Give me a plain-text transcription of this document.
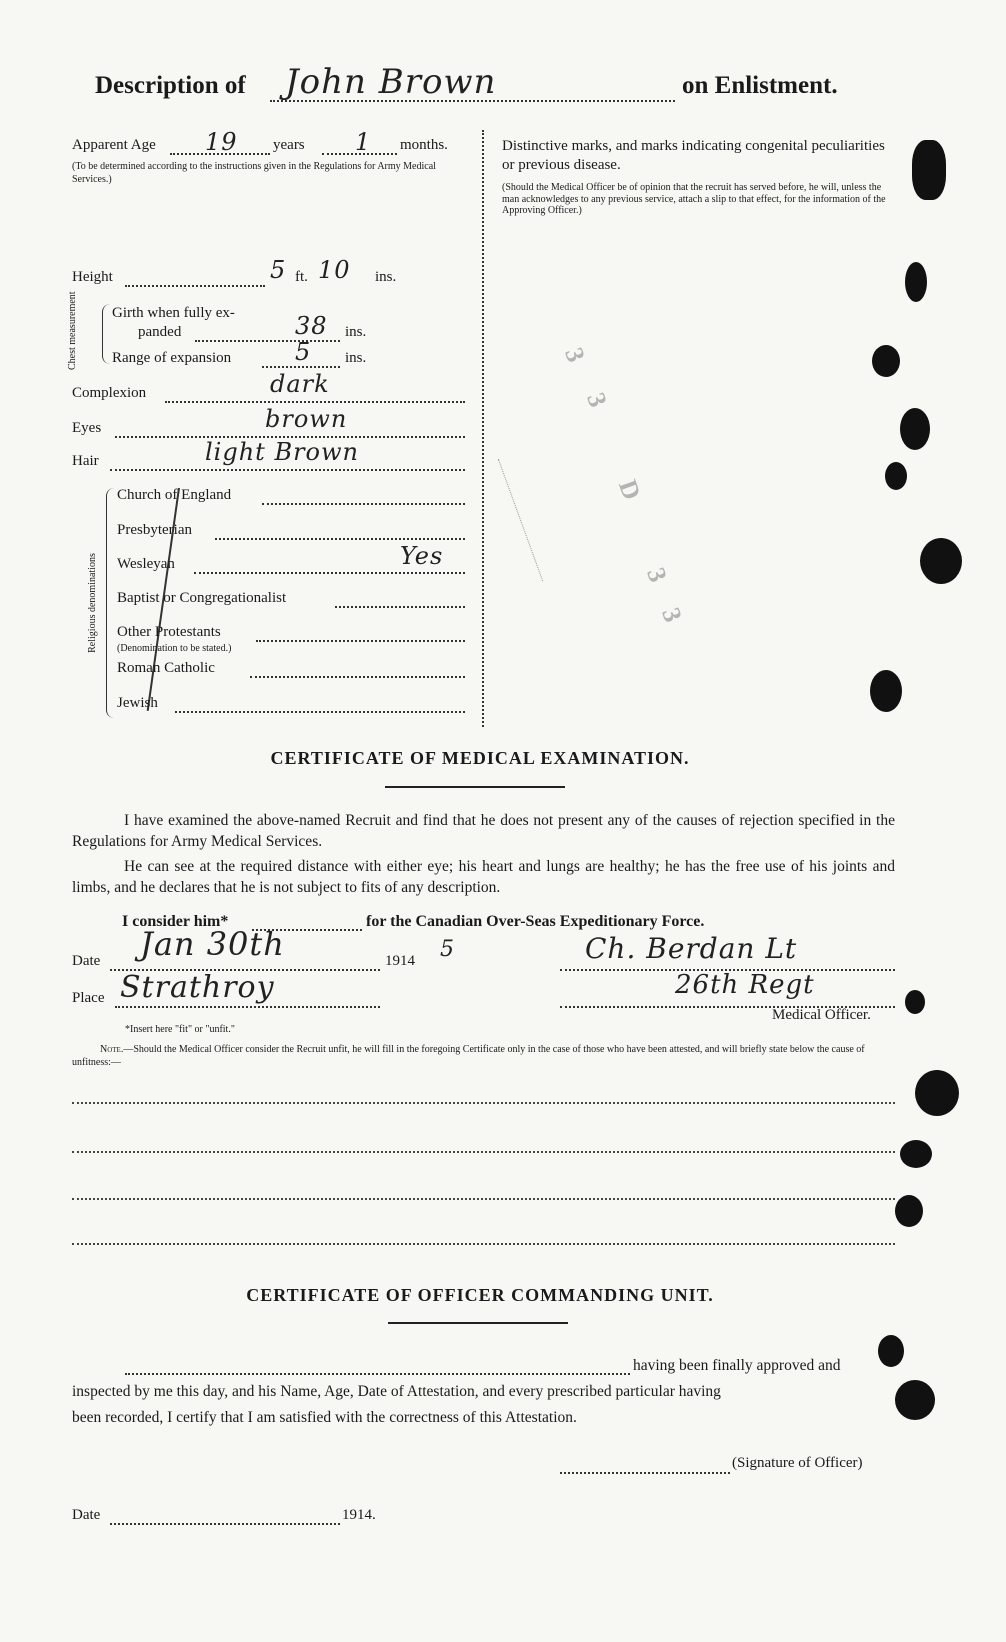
Description of John Brown	on Enlistment.
Apparent Age 19 years 1 months.
(To be determined according to the instructions given in the Regulations for Army Medical Services.)
Height	5 ft. 10 ins.
Chest measurement	Girth when fully ex-
panded	38 ins.
Range of expansion	5 ins.
Complexion	dark
Eyes	brown
Hair	light Brown
Religious denominations
Church of England
Presbyterian
Wesleyan	Yes
Baptist or Congregationalist
Other Protestants
(Denomination to be stated.)
Roman Catholic
Jewish
Distinctive marks, and marks indicating congenital peculiarities or previous disease.
(Should the Medical Officer be of opinion that the recruit has served before, he will, unless the man acknowledges to any previous service, attach a slip to that effect, for the information of the Approving Officer.)
3
3
D
3
3
CERTIFICATE OF MEDICAL EXAMINATION.
I have examined the above-named Recruit and find that he does not present any of the causes of rejection specified in the Regulations for Army Medical Services.
He can see at the required distance with either eye; his heart and lungs are healthy; he has the free use of his joints and limbs, and he declares that he is not subject to fits of any description.
I consider him*	for the Canadian Over-Seas Expeditionary Force.
Date Jan 30th	1914 5	Ch. Berdan Lt
Place Strathroy	26th Regt
Medical Officer.
*Insert here "fit" or "unfit."
Note.—Should the Medical Officer consider the Recruit unfit, he will fill in the foregoing Certificate only in the case of those who have been attested, and will briefly state below the cause of unfitness:—
CERTIFICATE OF OFFICER COMMANDING UNIT.
having been finally approved and
inspected by me this day, and his Name, Age, Date of Attestation, and every prescribed particular having
been recorded, I certify that I am satisfied with the correctness of this Attestation.
(Signature of Officer)
Date	1914.
